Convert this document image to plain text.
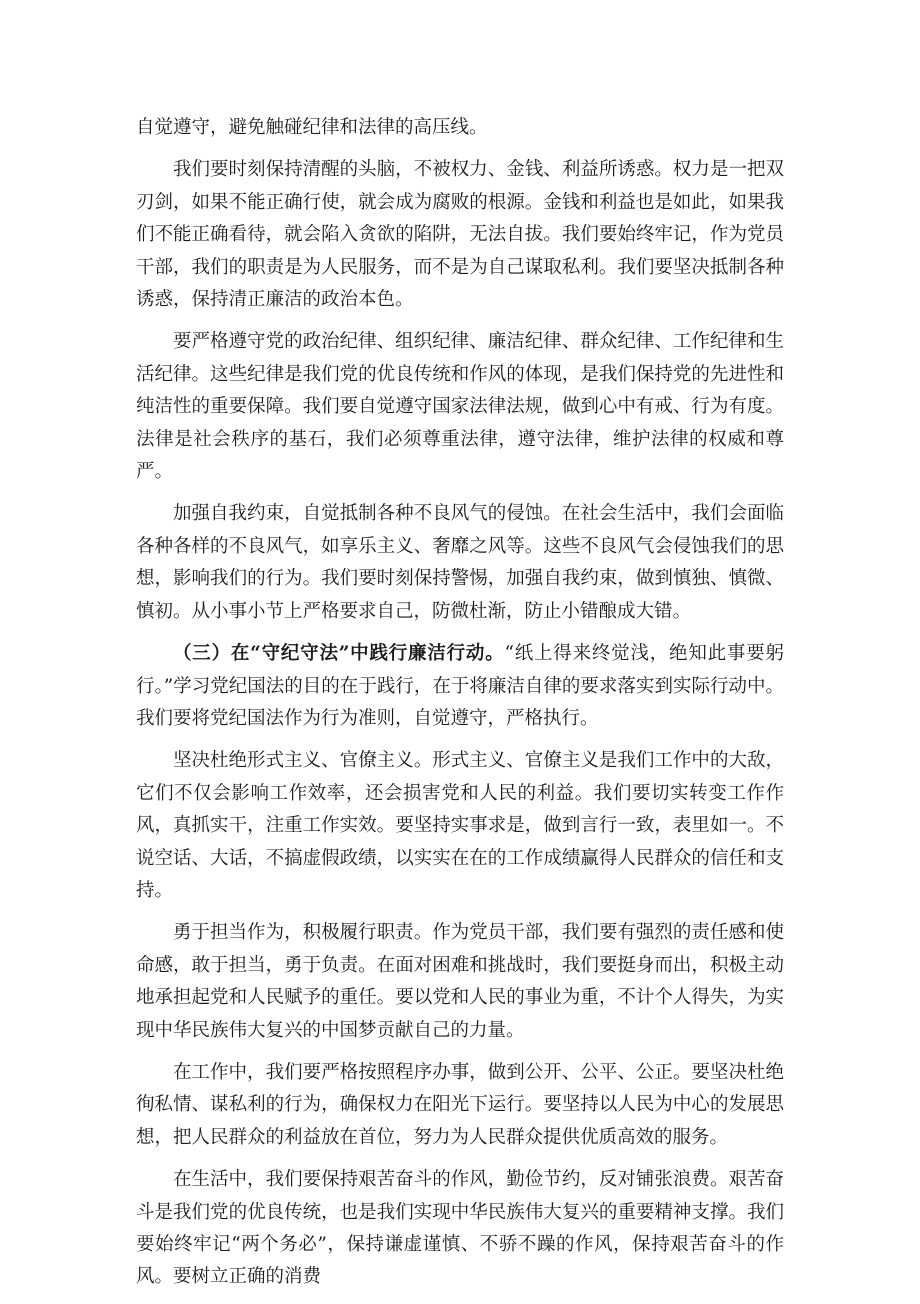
自觉遵守，避免触碰纪律和法律的高压线。

我们要时刻保持清醒的头脑，不被权力、金钱、利益所诱惑。权力是一把双刃剑，如果不能正确行使，就会成为腐败的根源。金钱和利益也是如此，如果我们不能正确看待，就会陷入贪欲的陷阱，无法自拔。我们要始终牢记，作为党员干部，我们的职责是为人民服务，而不是为自己谋取私利。我们要坚决抵制各种诱惑，保持清正廉洁的政治本色。

要严格遵守党的政治纪律、组织纪律、廉洁纪律、群众纪律、工作纪律和生活纪律。这些纪律是我们党的优良传统和作风的体现，是我们保持党的先进性和纯洁性的重要保障。我们要自觉遵守国家法律法规，做到心中有戒、行为有度。法律是社会秩序的基石，我们必须尊重法律，遵守法律，维护法律的权威和尊严。

加强自我约束，自觉抵制各种不良风气的侵蚀。在社会生活中，我们会面临各种各样的不良风气，如享乐主义、奢靡之风等。这些不良风气会侵蚀我们的思想，影响我们的行为。我们要时刻保持警惕，加强自我约束，做到慎独、慎微、慎初。从小事小节上严格要求自己，防微杜渐，防止小错酿成大错。

（三）在“守纪守法”中践行廉洁行动。“纸上得来终觉浅，绝知此事要躬行。”学习党纪国法的目的在于践行，在于将廉洁自律的要求落实到实际行动中。我们要将党纪国法作为行为准则，自觉遵守，严格执行。

坚决杜绝形式主义、官僚主义。形式主义、官僚主义是我们工作中的大敌，它们不仅会影响工作效率，还会损害党和人民的利益。我们要切实转变工作作风，真抓实干，注重工作实效。要坚持实事求是，做到言行一致，表里如一。不说空话、大话，不搞虚假政绩，以实实在在的工作成绩赢得人民群众的信任和支持。

勇于担当作为，积极履行职责。作为党员干部，我们要有强烈的责任感和使命感，敢于担当，勇于负责。在面对困难和挑战时，我们要挺身而出，积极主动地承担起党和人民赋予的重任。要以党和人民的事业为重，不计个人得失，为实现中华民族伟大复兴的中国梦贡献自己的力量。

在工作中，我们要严格按照程序办事，做到公开、公平、公正。要坚决杜绝徇私情、谋私利的行为，确保权力在阳光下运行。要坚持以人民为中心的发展思想，把人民群众的利益放在首位，努力为人民群众提供优质高效的服务。

在生活中，我们要保持艰苦奋斗的作风，勤俭节约，反对铺张浪费。艰苦奋斗是我们党的优良传统，也是我们实现中华民族伟大复兴的重要精神支撑。我们要始终牢记“两个务必”，保持谦虚谨慎、不骄不躁的作风，保持艰苦奋斗的作风。要树立正确的消费
